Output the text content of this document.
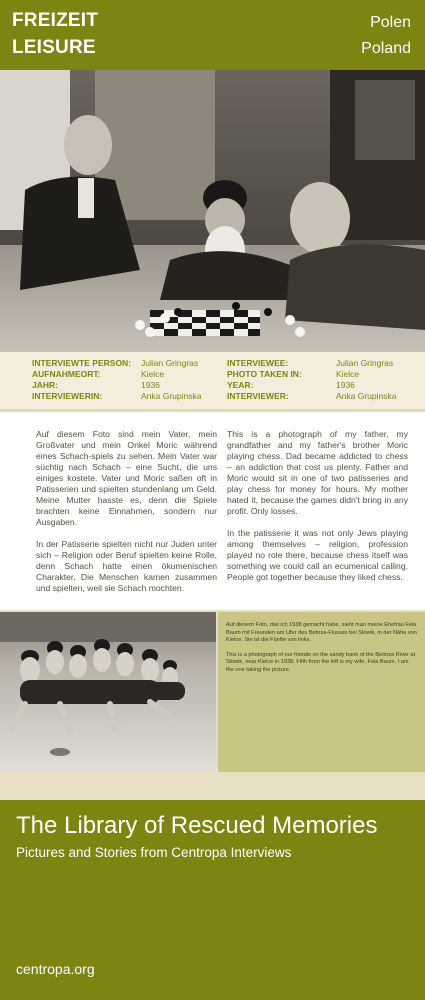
FREIZEIT
LEISURE
Polen
Poland
INTERVIEWTE PERSON:	Julian Gringras
AUFNAHMEORT:	Kielce
JAHR:	1936
INTERVIEWERIN:	Anka Grupinska
INTERVIEWEE:	Julian Gringras
PHOTO TAKEN IN:	Kielce
YEAR:	1936
INTERVIEWER:	Anka Grupinska

Auf diesem Foto sind mein Vater, mein Großvater und mein Onkel Moric während eines Schach-spiels zu sehen. Mein Vater war süchtig nach Schach – eine Sucht, die uns einiges kostete. Vater und Moric saßen oft in Patisserien und spielten stundenlang um Geld. Meine Mutter hasste es, denn die Spiele brachten keine Einnahmen, sondern nur Ausgaben.

In der Patisserie spielten nicht nur Juden unter sich – Religion oder Beruf spielten keine Rolle, denn Schach hatte einen ökumenischen Charakter. Die Menschen kamen zusammen und spielten, weil sie Schach mochten.

This is a photograph of my father, my grandfather and my father's brother Moric playing chess. Dad became addicted to chess – an addiction that cost us plenty. Father and Moric would sit in one of two patisseries and play chess for money for hours. My mother hated it, because the games didn't bring in any profit. Only losses.

In the patisserie it was not only Jews playing among themselves – religion, profession played no role there, because chess itself was something we could call an ecumenical calling. People got together because they liked chess.

Auf diesem Foto, das ich 1938 gemacht habe, sieht man meine Ehefrau Fela Baum mit Freunden am Ufer des Bebrza-Flusses bei Slowik, in der Nähe von Kielce. Sie ist die Fünfte von links.

This is a photograph of our friends on the sandy bank of the Biebrza River at Slowik, near Kielce in 1938. Fifth from the left is my wife, Fela Baum. I am the one taking the picture.

The Library of Rescued Memories
Pictures and Stories from Centropa Interviews
centropa.org
